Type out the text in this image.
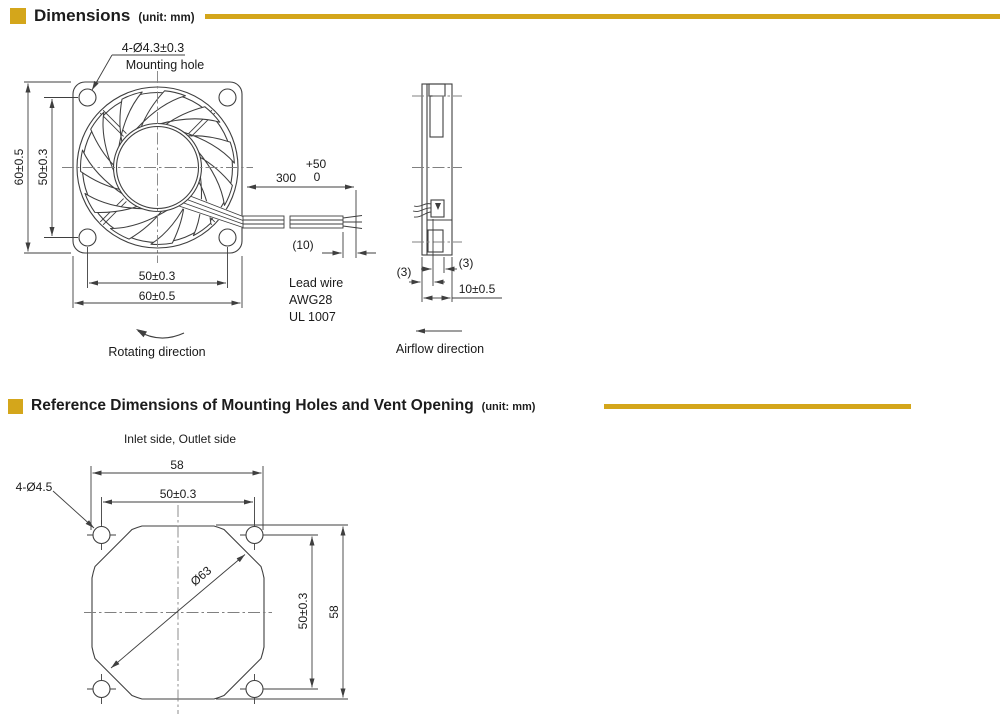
Dimensions (unit: mm)
Reference Dimensions of Mounting Holes and Vent Opening (unit: mm)
4-Ø4.3±0.3
Mounting hole
60±0.5 50±0.3
50±0.3
60±0.5
Rotating direction
300
+50
0
(10)
Lead wire
AWG28
UL 1007
(3)
(3)
10±0.5
Airflow direction
Inlet side, Outlet side
58
50±0.3
4-Ø4.5
Ø63
50±0.3 58
